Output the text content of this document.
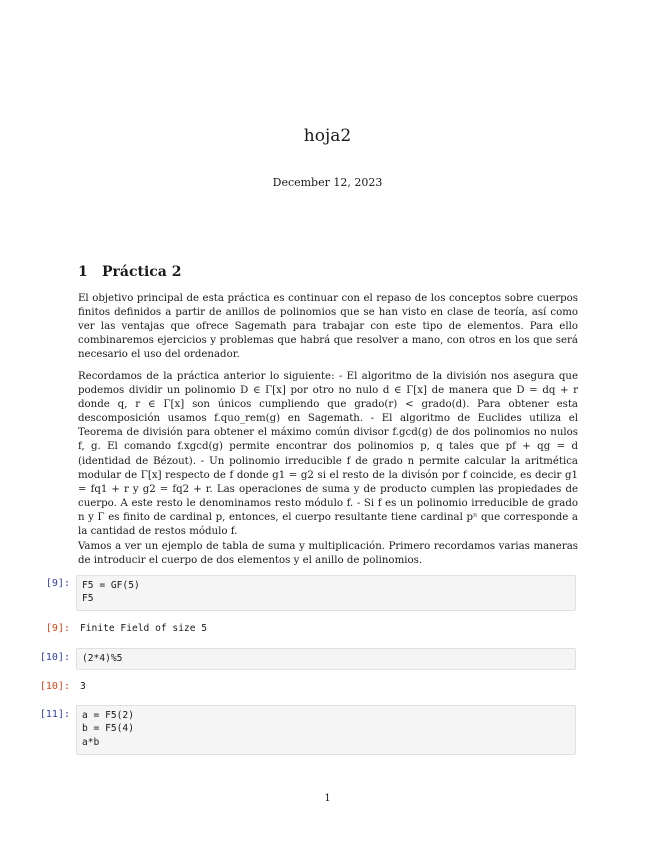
hoja2
December 12, 2023
1 Práctica 2
El objetivo principal de esta práctica es continuar con el repaso de los conceptos sobre cuerpos finitos definidos a partir de anillos de polinomios que se han visto en clase de teoría, así como ver las ventajas que ofrece Sagemath para trabajar con este tipo de elementos. Para ello combinaremos ejercicios y problemas que habrá que resolver a mano, con otros en los que será necesario el uso del ordenador.
Recordamos de la práctica anterior lo siguiente: - El algoritmo de la división nos asegura que podemos dividir un polinomio D ∈ Γ[x] por otro no nulo d ∈ Γ[x] de manera que D = dq + r donde q, r ∈ Γ[x] son únicos cumpliendo que grado(r) < grado(d). Para obtener esta descomposición usamos f.quo_rem(g) en Sagemath. - El algoritmo de Euclides utiliza el Teorema de división para obtener el máximo común divisor f.gcd(g) de dos polinomios no nulos f, g. El comando f.xgcd(g) permite encontrar dos polinomios p, q tales que pf + qg = d (identidad de Bézout). - Un polinomio irreducible f de grado n permite calcular la aritmética modular de Γ[x] respecto de f donde g1 = g2 si el resto de la divisón por f coincide, es decir g1 = fq1 + r y g2 = fq2 + r. Las operaciones de suma y de producto cumplen las propiedades de cuerpo. A este resto le denominamos resto módulo f. - Si f es un polinomio irreducible de grado n y Γ es finito de cardinal p, entonces, el cuerpo resultante tiene cardinal pⁿ que corresponde a la cantidad de restos módulo f.
Vamos a ver un ejemplo de tabla de suma y multiplicación. Primero recordamos varias maneras de introducir el cuerpo de dos elementos y el anillo de polinomios.
[9]:	F5 = GF(5)
F5
[9]: Finite Field of size 5
[10]:	(2*4)%5
[10]: 3
[11]:	a = F5(2)
b = F5(4)
a*b
1
